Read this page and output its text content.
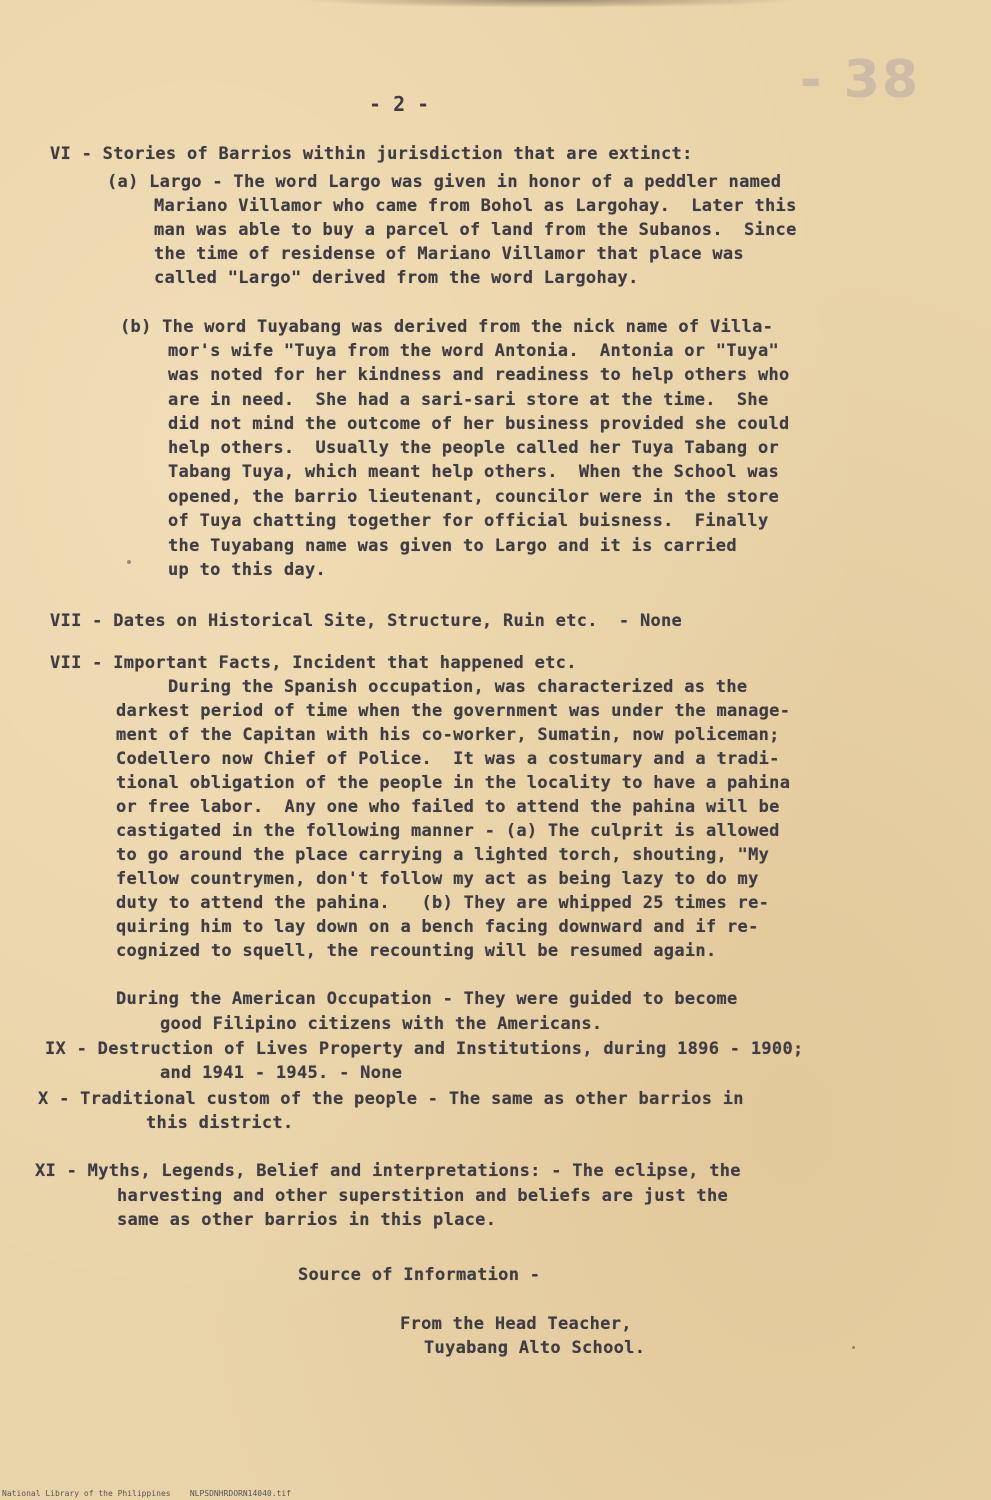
- 38
- 2 -
VI - Stories of Barrios within jurisdiction that are extinct:
(a) Largo - The word Largo was given in honor of a peddler named
Mariano Villamor who came from Bohol as Largohay.  Later this
man was able to buy a parcel of land from the Subanos.  Since
the time of residense of Mariano Villamor that place was
called "Largo" derived from the word Largohay.
(b) The word Tuyabang was derived from the nick name of Villa-
mor's wife "Tuya from the word Antonia.  Antonia or "Tuya"
was noted for her kindness and readiness to help others who
are in need.  She had a sari-sari store at the time.  She
did not mind the outcome of her business provided she could
help others.  Usually the people called her Tuya Tabang or
Tabang Tuya, which meant help others.  When the School was
opened, the barrio lieutenant, councilor were in the store
of Tuya chatting together for official buisness.  Finally
the Tuyabang name was given to Largo and it is carried
up to this day.
VII - Dates on Historical Site, Structure, Ruin etc.  - None
VII - Important Facts, Incident that happened etc.
During the Spanish occupation, was characterized as the
darkest period of time when the government was under the manage-
ment of the Capitan with his co-worker, Sumatin, now policeman;
Codellero now Chief of Police.  It was a costumary and a tradi-
tional obligation of the people in the locality to have a pahina
or free labor.  Any one who failed to attend the pahina will be
castigated in the following manner - (a) The culprit is allowed
to go around the place carrying a lighted torch, shouting, "My
fellow countrymen, don't follow my act as being lazy to do my
duty to attend the pahina.   (b) They are whipped 25 times re-
quiring him to lay down on a bench facing downward and if re-
cognized to squell, the recounting will be resumed again.
During the American Occupation - They were guided to become
good Filipino citizens with the Americans.
IX - Destruction of Lives Property and Institutions, during 1896 - 1900;
and 1941 - 1945. - None
X - Traditional custom of the people - The same as other barrios in
this district.
XI - Myths, Legends, Belief and interpretations: - The eclipse, the
harvesting and other superstition and beliefs are just the
same as other barrios in this place.
Source of Information -
From the Head Teacher,
Tuyabang Alto School.
National Library of the Philippines    NLPSDNHRDORN14040.tif
